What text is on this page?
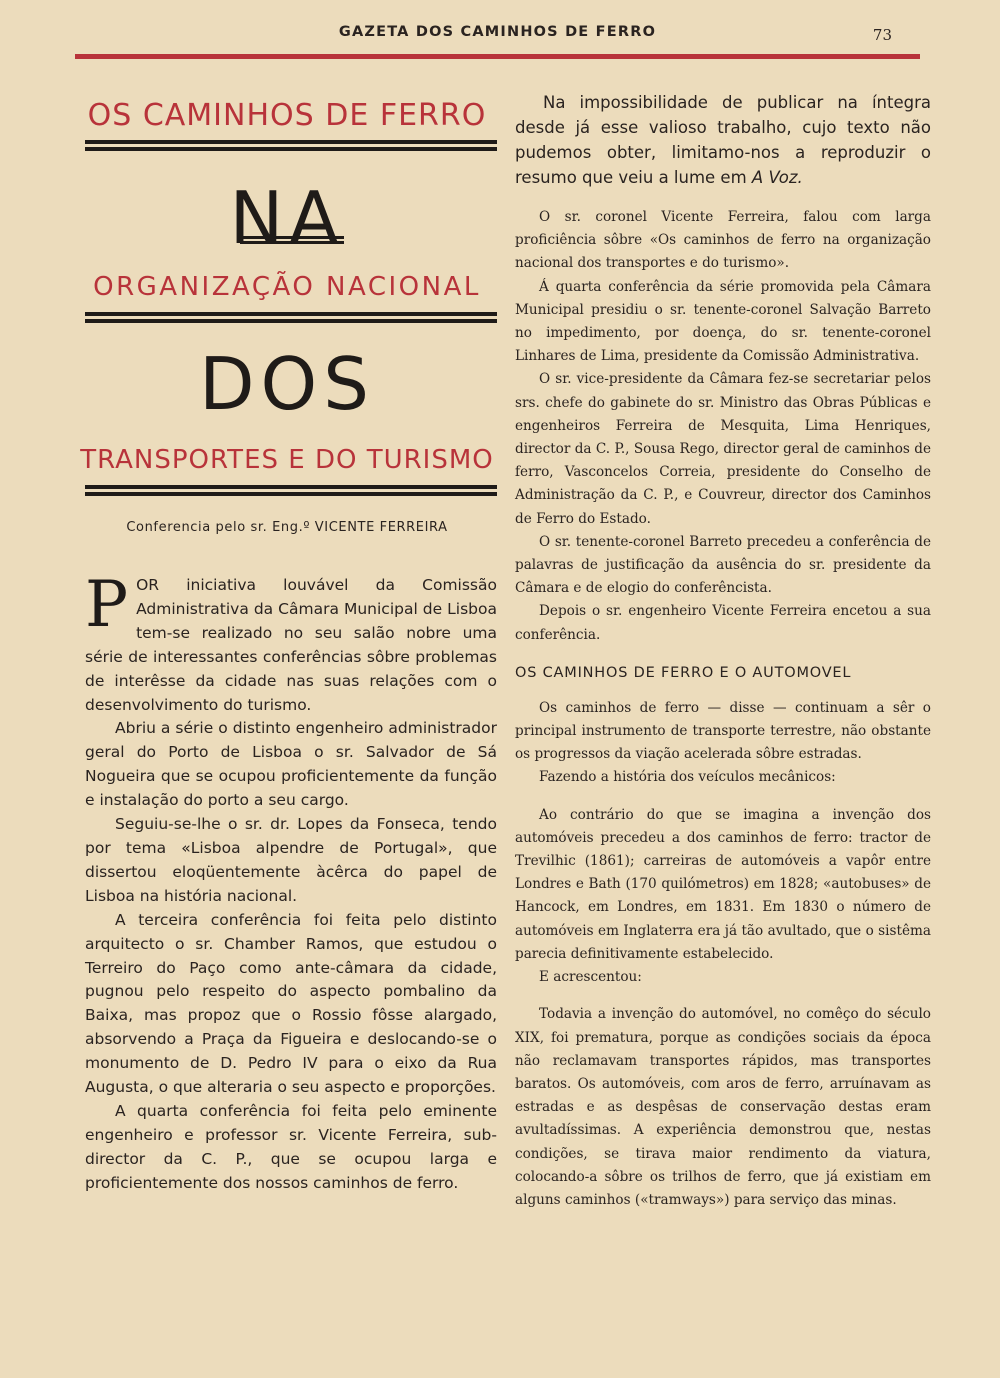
GAZETA DOS CAMINHOS DE FERRO	73
OS CAMINHOS DE FERRO
NA
ORGANIZAÇÃO NACIONAL
DOS
TRANSPORTES E DO TURISMO
Conferencia pelo sr. Eng.º VICENTE FERREIRA

POR iniciativa louvável da Comissão Administrativa da Câmara Municipal de Lisboa tem-se realizado no seu salão nobre uma série de interessantes conferências sôbre problemas de interêsse da cidade nas suas relações com o desenvolvimento do turismo.

Abriu a série o distinto engenheiro administrador geral do Porto de Lisboa o sr. Salvador de Sá Nogueira que se ocupou proficientemente da função e instalação do porto a seu cargo.

Seguiu-se-lhe o sr. dr. Lopes da Fonseca, tendo por tema «Lisboa alpendre de Portugal», que dissertou eloqüentemente àcêrca do papel de Lisboa na história nacional.

A terceira conferência foi feita pelo distinto arquitecto o sr. Chamber Ramos, que estudou o Terreiro do Paço como ante-câmara da cidade, pugnou pelo respeito do aspecto pombalino da Baixa, mas propoz que o Rossio fôsse alargado, absorvendo a Praça da Figueira e deslocando-se o monumento de D. Pedro IV para o eixo da Rua Augusta, o que alteraria o seu aspecto e proporções.

A quarta conferência foi feita pelo eminente engenheiro e professor sr. Vicente Ferreira, sub-director da C. P., que se ocupou larga e proficientemente dos nossos caminhos de ferro.

Na impossibilidade de publicar na íntegra desde já esse valioso trabalho, cujo texto não pudemos obter, limitamo-nos a reproduzir o resumo que veiu a lume em A Voz.

O sr. coronel Vicente Ferreira, falou com larga proficiência sôbre «Os caminhos de ferro na organização nacional dos transportes e do turismo».

Á quarta conferência da série promovida pela Câmara Municipal presidiu o sr. tenente-coronel Salvação Barreto no impedimento, por doença, do sr. tenente-coronel Linhares de Lima, presidente da Comissão Administrativa.

O sr. vice-presidente da Câmara fez-se secretariar pelos srs. chefe do gabinete do sr. Ministro das Obras Públicas e engenheiros Ferreira de Mesquita, Lima Henriques, director da C. P., Sousa Rego, director geral de caminhos de ferro, Vasconcelos Correia, presidente do Conselho de Administração da C. P., e Couvreur, director dos Caminhos de Ferro do Estado.

O sr. tenente-coronel Barreto precedeu a conferência de palavras de justificação da ausência do sr. presidente da Câmara e de elogio do conferêncista.

Depois o sr. engenheiro Vicente Ferreira encetou a sua conferência.

OS CAMINHOS DE FERRO E O AUTOMOVEL

Os caminhos de ferro — disse — continuam a sêr o principal instrumento de transporte terrestre, não obstante os progressos da viação acelerada sôbre estradas.

Fazendo a história dos veículos mecânicos:

Ao contrário do que se imagina a invenção dos automóveis precedeu a dos caminhos de ferro: tractor de Trevilhic (1861); carreiras de automóveis a vapôr entre Londres e Bath (170 quilómetros) em 1828; «autobuses» de Hancock, em Londres, em 1831. Em 1830 o número de automóveis em Inglaterra era já tão avultado, que o sistêma parecia definitivamente estabelecido.

E acrescentou:

Todavia a invenção do automóvel, no comêço do século XIX, foi prematura, porque as condições sociais da época não reclamavam transportes rápidos, mas transportes baratos. Os automóveis, com aros de ferro, arruínavam as estradas e as despêsas de conservação destas eram avultadíssimas. A experiência demonstrou que, nestas condições, se tirava maior rendimento da viatura, colocando-a sôbre os trilhos de ferro, que já existiam em alguns caminhos («tramways») para serviço das minas.
